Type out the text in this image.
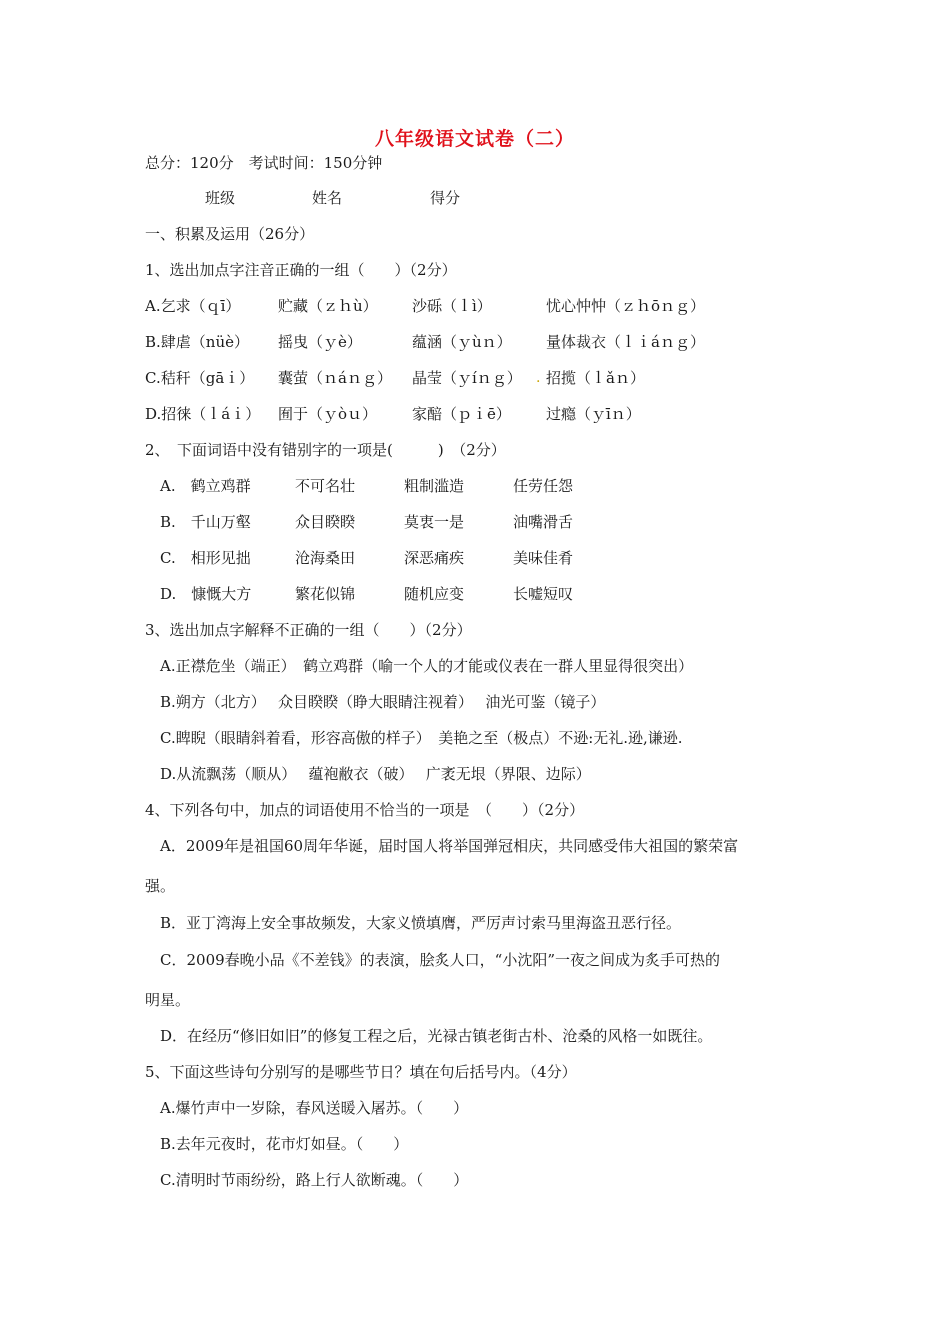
八年级语文试卷（二）
总分：120分　考试时间：150分钟
班级	姓名	得分
一、积累及运用（26分）
1、选出加点字注音正确的一组（　　）（2分）
A.乞求（ｑī）	贮藏（ｚｈù） 沙砾（ｌì）	忧心忡忡（ｚｈōｎｇ）
B.肆虐（nüè） 摇曳（ｙè）	蕴涵（ｙùｎ） 量体裁衣（ｌｉáｎｇ）
C.秸秆（gāｉ） 囊萤（ｎáｎｇ） 晶莹（ｙíｎｇ） . 招揽（ｌǎｎ）
D.招徕（ｌáｉ） 囿于（ｙòｕ） 家醅（ｐｉē） 过瘾（ｙīｎ）
2、　下面词语中没有错别字的一项是(　　　)　（2分）
A.　鹤立鸡群	不可名壮	粗制滥造	任劳任怨
B.　千山万壑	众目睽睽	莫衷一是	油嘴滑舌
C.　相形见拙	沧海桑田	深恶痛疾	美味佳肴
D.　慷慨大方	繁花似锦	随机应变	长嘘短叹
3、选出加点字解释不正确的一组（　　）（2分）
A.正襟危坐（端正）　鹤立鸡群（喻一个人的才能或仪表在一群人里显得很突出）
B.朔方（北方）　 众目睽睽（睁大眼睛注视着）　 油光可鉴（镜子）
C.睥睨（眼睛斜着看，形容高傲的样子）　美艳之至（极点）不逊:无礼.逊,谦逊.
D.从流飘荡（顺从）　 蕴袍敝衣（破）　 广袤无垠（界限、边际）
4、下列各句中，加点的词语使用不恰当的一项是　（　　）（2分）
A．2009年是祖国60周年华诞，届时国人将举国弹冠相庆，共同感受伟大祖国的繁荣富
强。
B．亚丁湾海上安全事故频发，大家义愤填膺，严厉声讨索马里海盗丑恶行径。
C．2009春晚小品《不差钱》的表演，脍炙人口，“小沈阳”一夜之间成为炙手可热的
明星。
D．在经历“修旧如旧”的修复工程之后，光禄古镇老街古朴、沧桑的风格一如既往。
5、下面这些诗句分别写的是哪些节日？填在句后括号内。（4分）
A.爆竹声中一岁除，春风送暖入屠苏。（　　）
B.去年元夜时，花市灯如昼。（　　）
C.清明时节雨纷纷，路上行人欲断魂。（　　）
